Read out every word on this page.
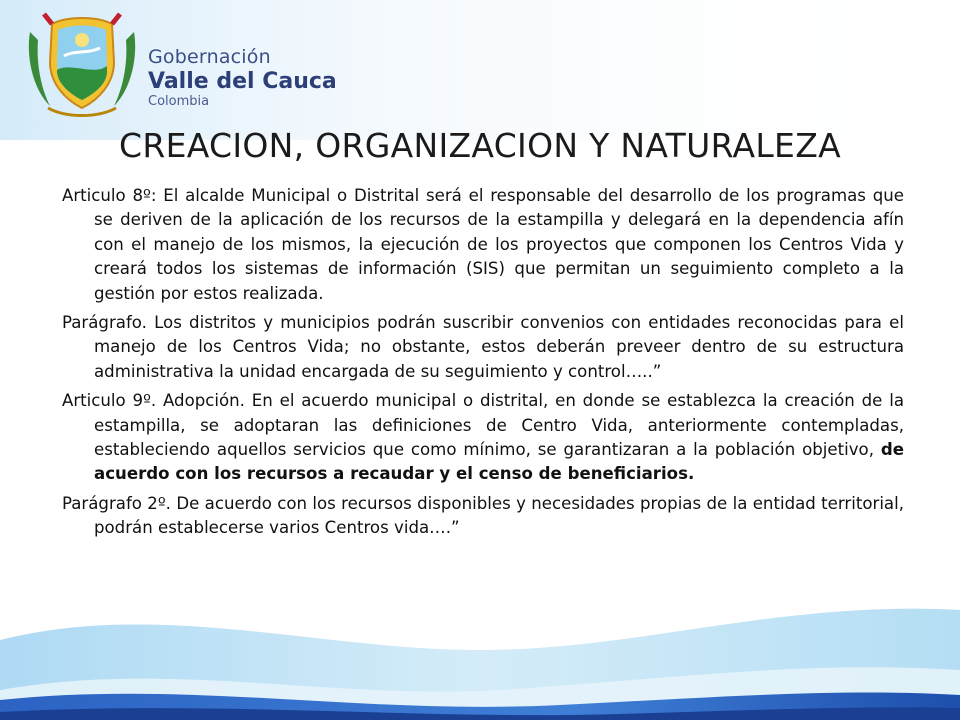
Gobernación
Valle del Cauca
Colombia
CREACION, ORGANIZACION Y NATURALEZA

Articulo 8º: El alcalde Municipal o Distrital será el responsable del desarrollo de los programas que se deriven de la aplicación de los recursos de la estampilla y delegará en la dependencia afín con el manejo de los mismos, la ejecución de los proyectos que componen los Centros Vida y creará todos los sistemas de información (SIS) que permitan un seguimiento completo a la gestión por estos realizada.

Parágrafo. Los distritos y municipios podrán suscribir convenios con entidades reconocidas para el manejo de los Centros Vida; no obstante, estos deberán preveer dentro de su estructura administrativa la unidad encargada de su seguimiento y control…..”

Articulo 9º. Adopción. En el acuerdo municipal o distrital, en donde se establezca la creación de la estampilla, se adoptaran las definiciones de Centro Vida, anteriormente contempladas, estableciendo aquellos servicios que como mínimo, se garantizaran a la población objetivo, de acuerdo con los recursos a recaudar y el censo de beneficiarios.

Parágrafo 2º. De acuerdo con los recursos disponibles y necesidades propias de la entidad territorial, podrán establecerse varios Centros vida….”
